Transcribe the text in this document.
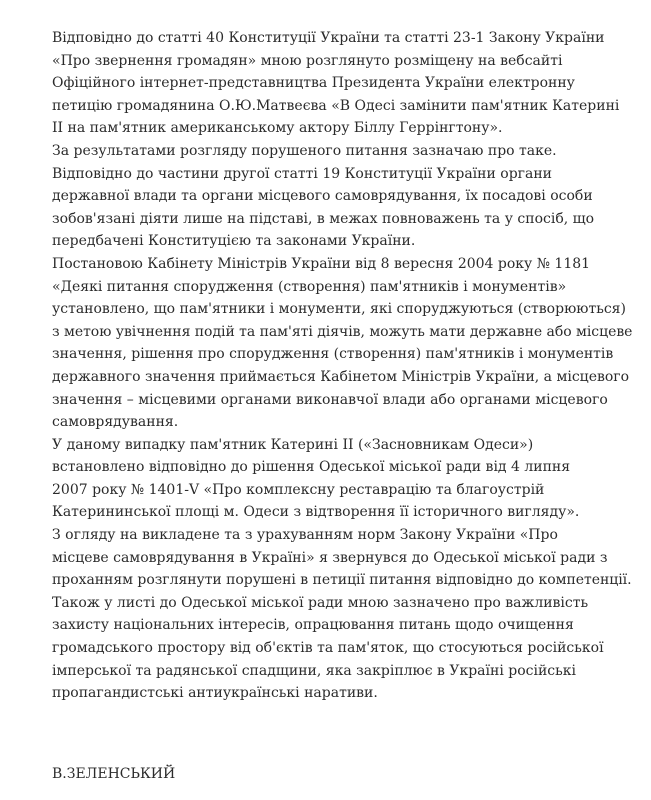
Відповідно до статті 40 Конституції України та статті 23-1 Закону України
«Про звернення громадян» мною розглянуто розміщену на вебсайті
Офіційного інтернет-представництва Президента України електронну
петицію громадянина О.Ю.Матвеєва «В Одесі замінити пам'ятник Катерині
ІІ на пам'ятник американському актору Біллу Геррінгтону».
За результатами розгляду порушеного питання зазначаю про таке.
Відповідно до частини другої статті 19 Конституції України органи
державної влади та органи місцевого самоврядування, їх посадові особи
зобов'язані діяти лише на підставі, в межах повноважень та у спосіб, що
передбачені Конституцією та законами України.
Постановою Кабінету Міністрів України від 8 вересня 2004 року № 1181
«Деякі питання спорудження (створення) пам'ятників і монументів»
установлено, що пам'ятники і монументи, які споруджуються (створюються)
з метою увічнення подій та пам'яті діячів, можуть мати державне або місцеве
значення, рішення про спорудження (створення) пам'ятників і монументів
державного значення приймається Кабінетом Міністрів України, а місцевого
значення – місцевими органами виконавчої влади або органами місцевого
самоврядування.
У даному випадку пам'ятник Катерині ІІ («Засновникам Одеси»)
встановлено відповідно до рішення Одеської міської ради від 4 липня
2007 року № 1401-V «Про комплексну реставрацію та благоустрій
Катерининської площі м. Одеси з відтворення її історичного вигляду».
З огляду на викладене та з урахуванням норм Закону України «Про
місцеве самоврядування в Україні» я звернувся до Одеської міської ради з
проханням розглянути порушені в петиції питання відповідно до компетенції.
Також у листі до Одеської міської ради мною зазначено про важливість
захисту національних інтересів, опрацювання питань щодо очищення
громадського простору від об'єктів та пам'яток, що стосуються російської
імперської та радянської спадщини, яка закріплює в Україні російські
пропагандистські антиукраїнські наративи.
В.ЗЕЛЕНСЬКИЙ
